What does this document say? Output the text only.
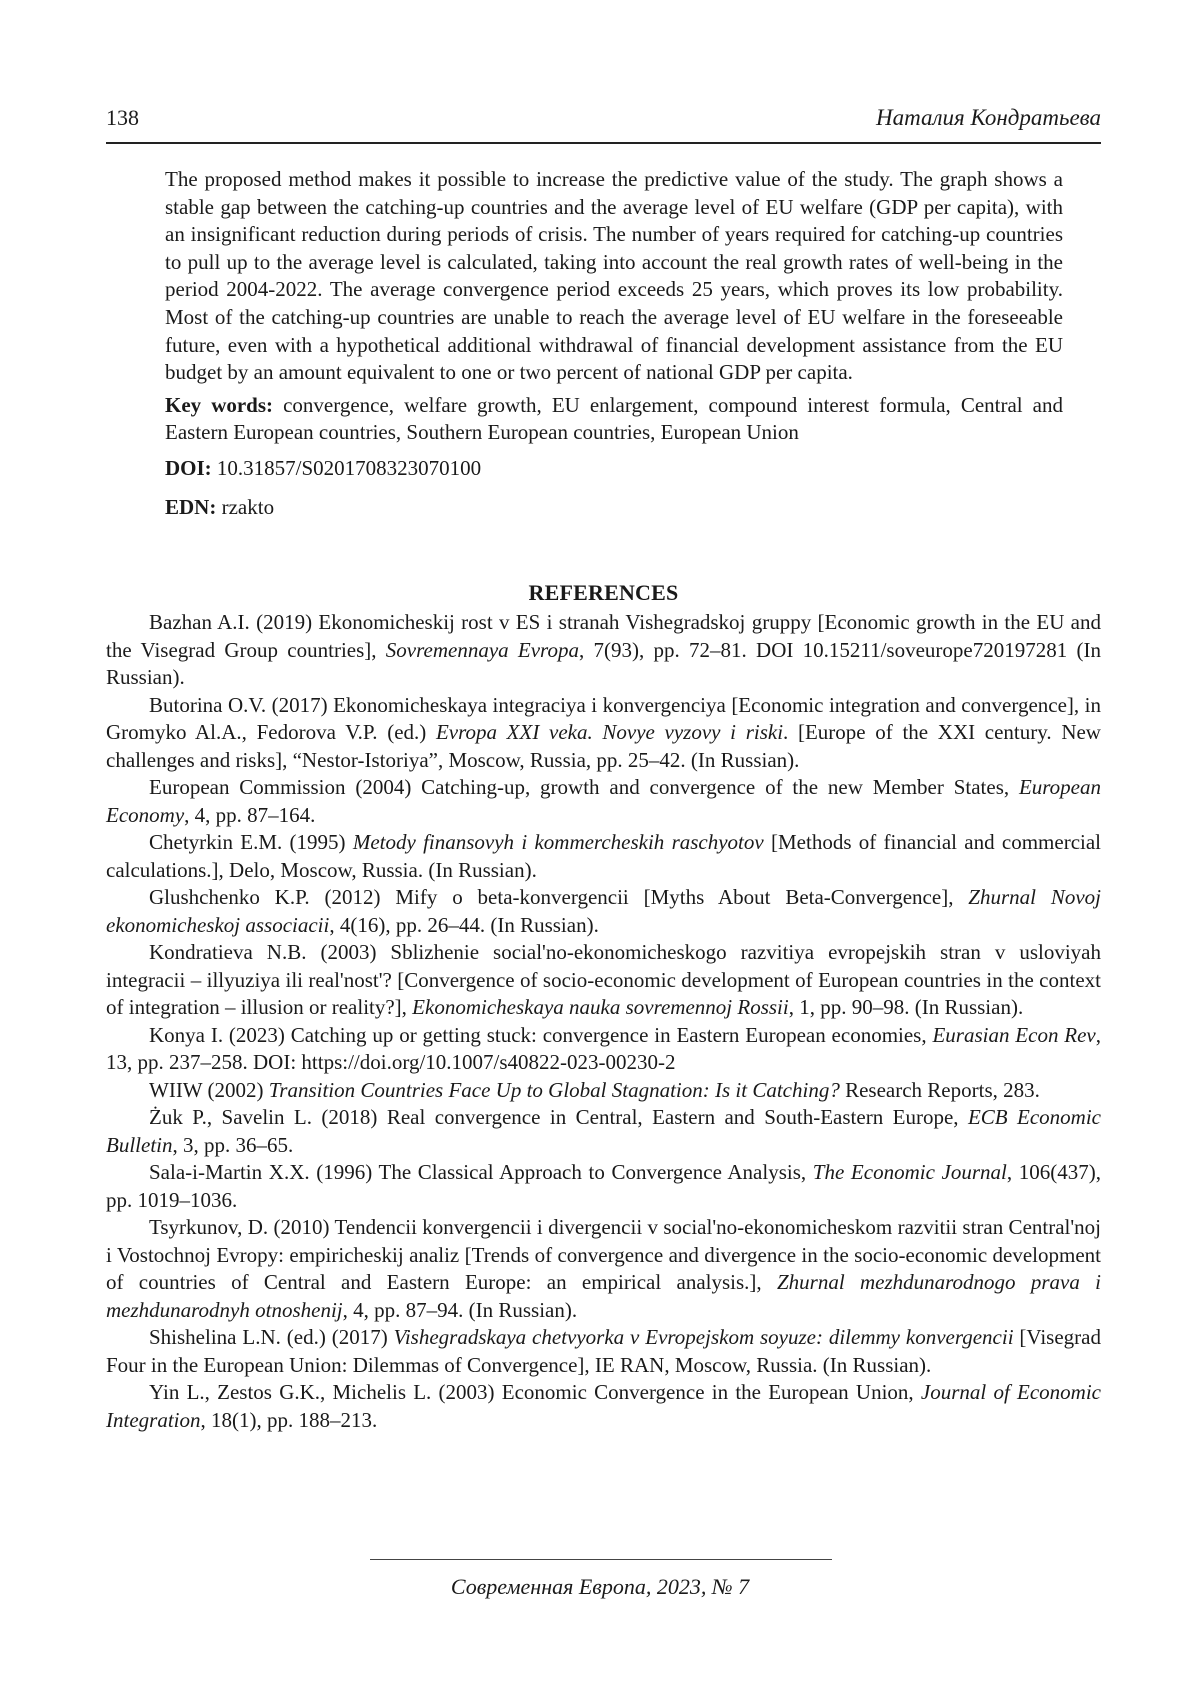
138	Наталия Кондратьева

The proposed method makes it possible to increase the predictive value of the study. The graph shows a stable gap between the catching-up countries and the average level of EU welfare (GDP per capita), with an insignificant reduction during periods of crisis. The number of years required for catching-up countries to pull up to the average level is calculated, taking into account the real growth rates of well-being in the period 2004-2022. The average convergence period exceeds 25 years, which proves its low probability. Most of the catching-up countries are unable to reach the average level of EU welfare in the foreseeable future, even with a hypothetical additional withdrawal of financial development assistance from the EU budget by an amount equivalent to one or two percent of national GDP per capita.

Key words: convergence, welfare growth, EU enlargement, compound interest formula, Central and Eastern European countries, Southern European countries, European Union

DOI: 10.31857/S0201708323070100

EDN: rzakto

REFERENCES

Bazhan A.I. (2019) Ekonomicheskij rost v ES i stranah Vishegradskoj gruppy [Economic growth in the EU and the Visegrad Group countries], Sovremennaya Evropa, 7(93), pp. 72–81. DOI 10.15211/soveurope720197281 (In Russian).

Butorina O.V. (2017) Ekonomicheskaya integraciya i konvergenciya [Economic integration and convergence], in Gromyko Al.A., Fedorova V.P. (ed.) Evropa XXI veka. Novye vyzovy i riski. [Europe of the XXI century. New challenges and risks], “Nestor-Istoriya”, Moscow, Russia, pp. 25–42. (In Russian).

European Commission (2004) Catching-up, growth and convergence of the new Member States, European Economy, 4, pp. 87–164.

Chetyrkin E.M. (1995) Metody finansovyh i kommercheskih raschyotov [Methods of financial and commercial calculations.], Delo, Moscow, Russia. (In Russian).

Glushchenko K.P. (2012) Mify o beta-konvergencii [Myths About Beta-Convergence], Zhurnal Novoj ekonomicheskoj associacii, 4(16), pp. 26–44. (In Russian).

Kondratieva N.B. (2003) Sblizhenie social'no-ekonomicheskogo razvitiya evropejskih stran v usloviyah integracii – illyuziya ili real'nost'? [Convergence of socio-economic development of European countries in the context of integration – illusion or reality?], Ekonomicheskaya nauka sovremennoj Rossii, 1, pp. 90–98. (In Russian).

Konya I. (2023) Catching up or getting stuck: convergence in Eastern European economies, Eurasian Econ Rev, 13, pp. 237–258. DOI: https://doi.org/10.1007/s40822-023-00230-2

WIIW (2002) Transition Countries Face Up to Global Stagnation: Is it Catching? Research Reports, 283.

Żuk P., Savelin L. (2018) Real convergence in Central, Eastern and South-Eastern Europe, ECB Economic Bulletin, 3, pp. 36–65.

Sala-i-Martin X.X. (1996) The Classical Approach to Convergence Analysis, The Economic Journal, 106(437), pp. 1019–1036.

Tsyrkunov, D. (2010) Tendencii konvergencii i divergencii v social'no-ekonomicheskom razvitii stran Central'noj i Vostochnoj Evropy: empiricheskij analiz [Trends of convergence and divergence in the socio-economic development of countries of Central and Eastern Europe: an empirical analysis.], Zhurnal mezhdunarodnogo prava i mezhdunarodnyh otnoshenij, 4, pp. 87–94. (In Russian).

Shishelina L.N. (ed.) (2017) Vishegradskaya chetvyorka v Evropejskom soyuze: dilemmy konvergencii [Visegrad Four in the European Union: Dilemmas of Convergence], IE RAN, Moscow, Russia. (In Russian).

Yin L., Zestos G.K., Michelis L. (2003) Economic Convergence in the European Union, Journal of Economic Integration, 18(1), pp. 188–213.

Современная Европа, 2023, № 7
